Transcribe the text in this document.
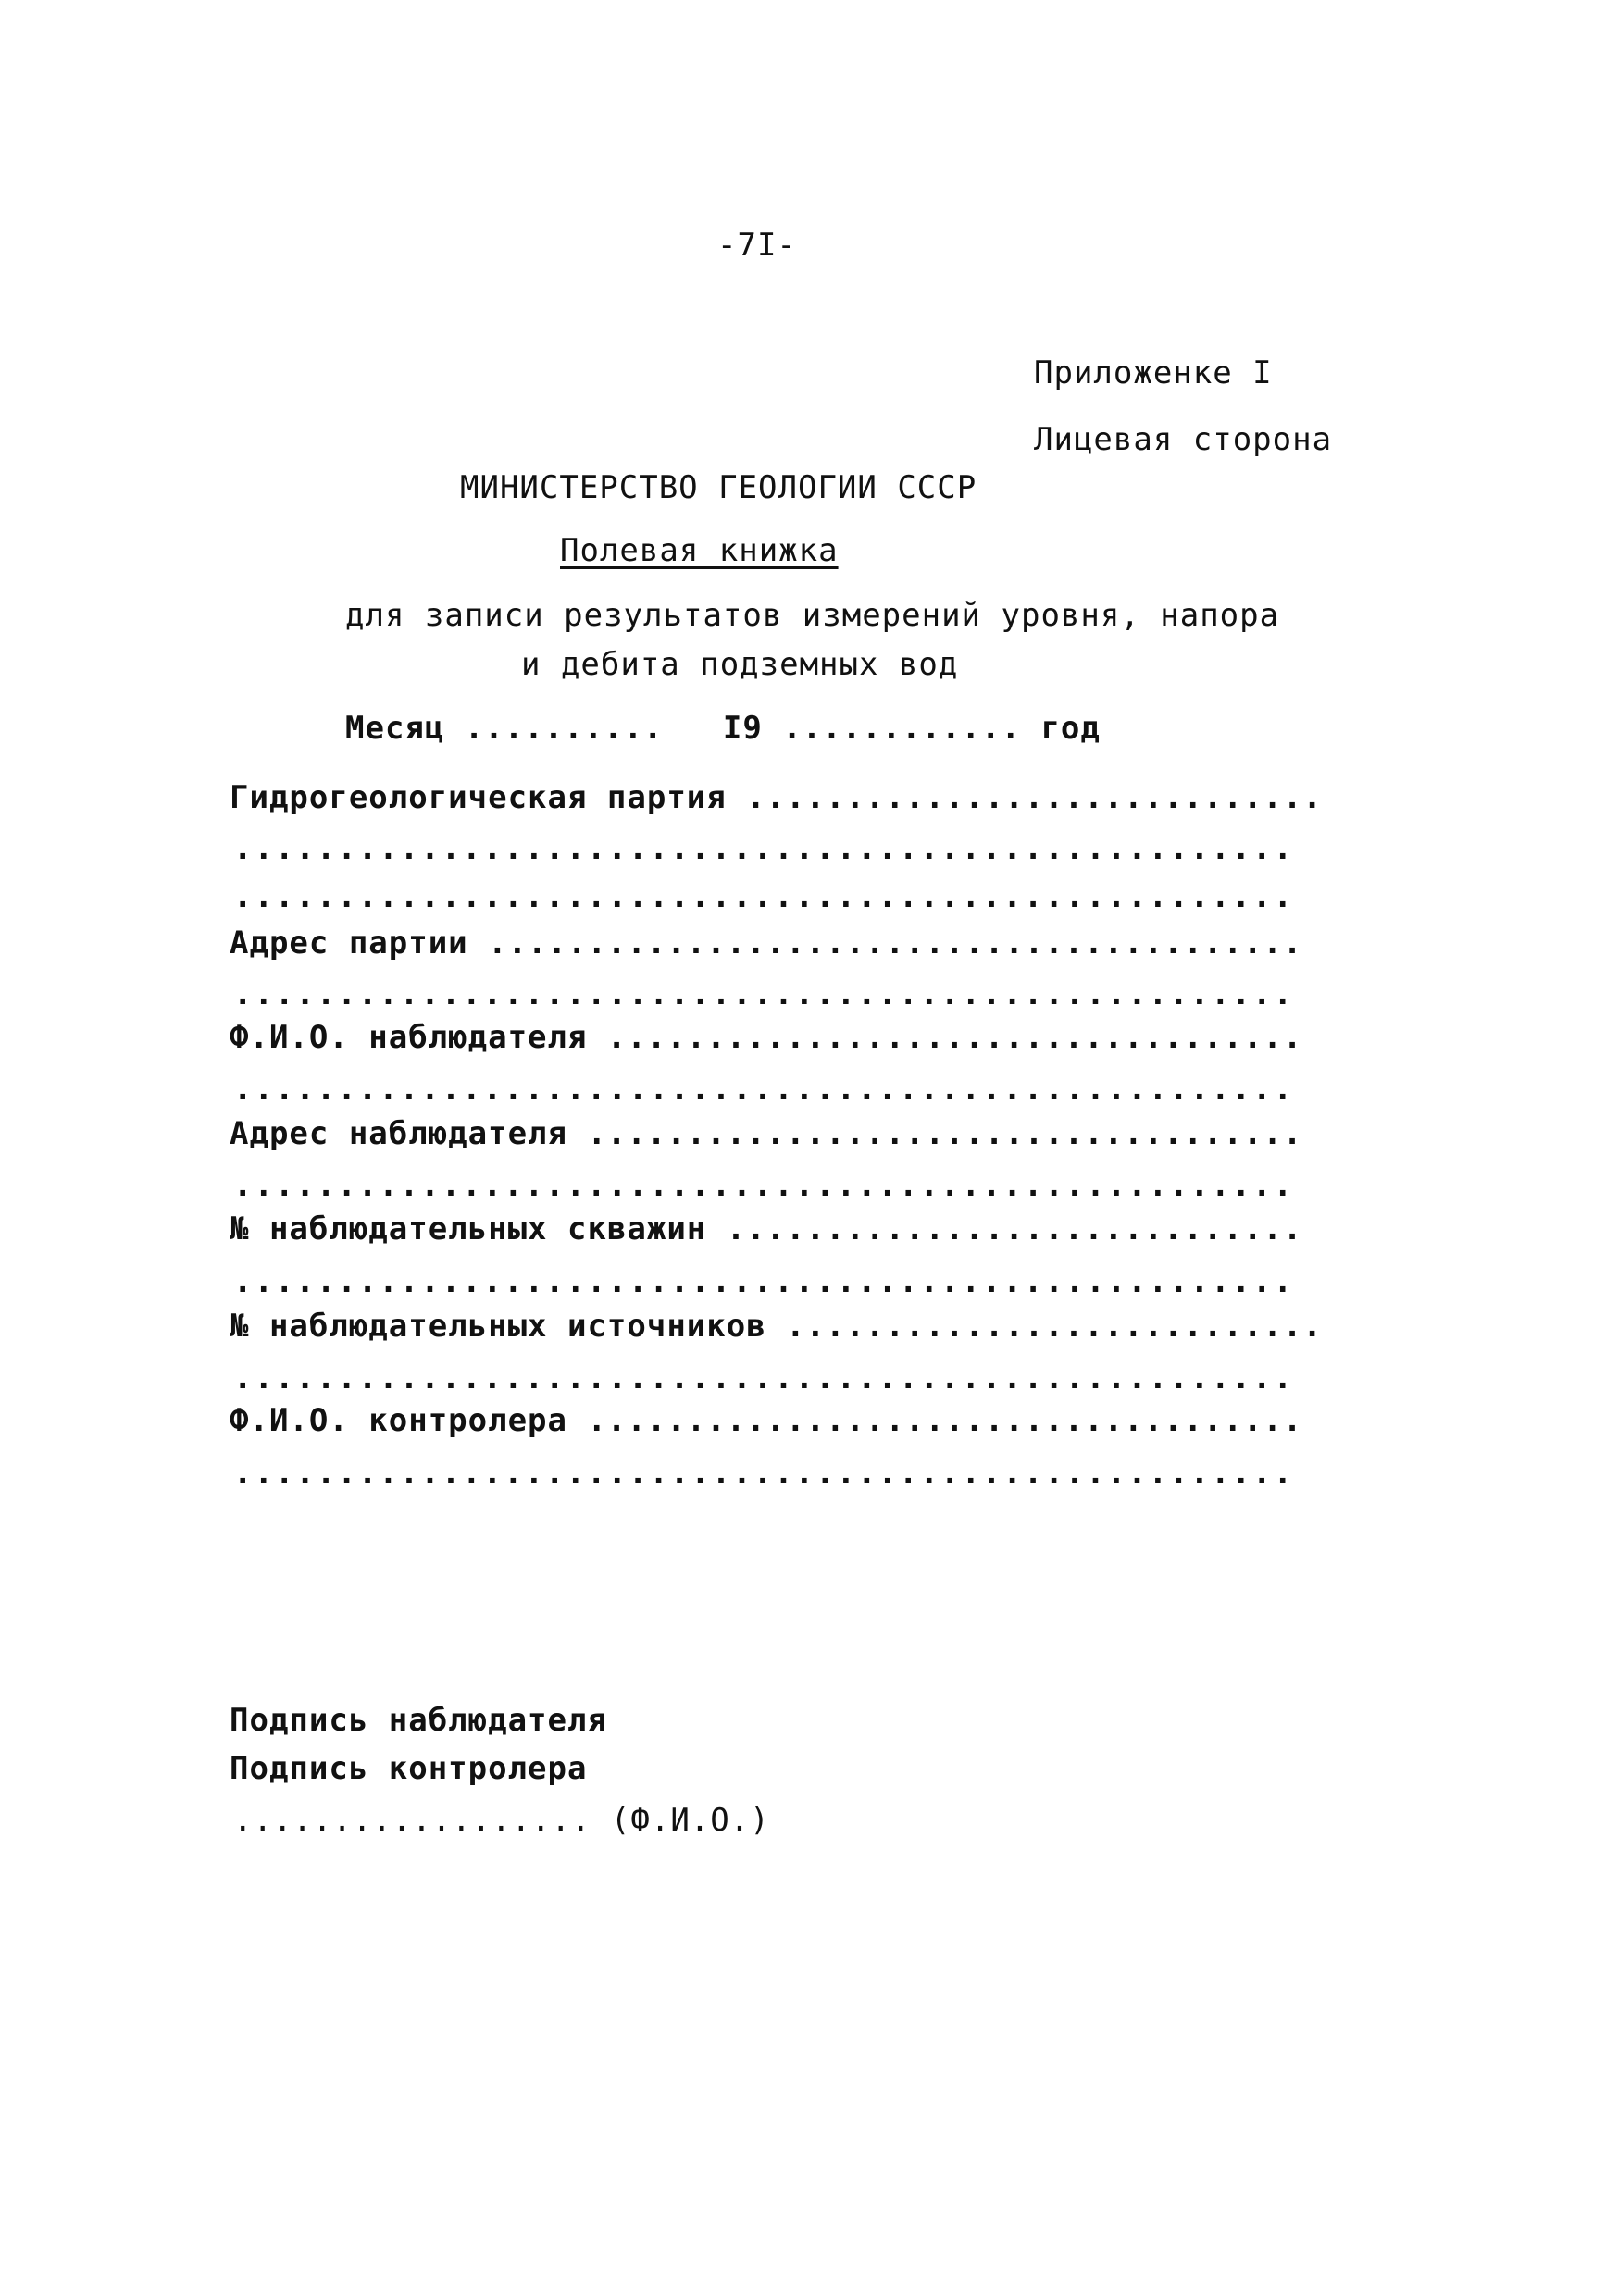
-7I-
Приложенке I
Лицевая сторона
МИНИСТЕРСТВО ГЕОЛОГИИ СССР
Полевая книжка
для записи результатов измерений уровня, напора
и дебита подземных вод
Месяц ..........   I9 ............ год
Гидрогеологическая партия .............................
...................................................
...................................................
Адрес партии .........................................
...................................................
Ф.И.О. наблюдателя ...................................
...................................................
Адрес наблюдателя ....................................
...................................................
№ наблюдательных скважин .............................
...................................................
№ наблюдательных источников ...........................
...................................................
Ф.И.О. контролера ....................................
...................................................
Подпись наблюдателя
Подпись контролера
.................. (Ф.И.О.)
